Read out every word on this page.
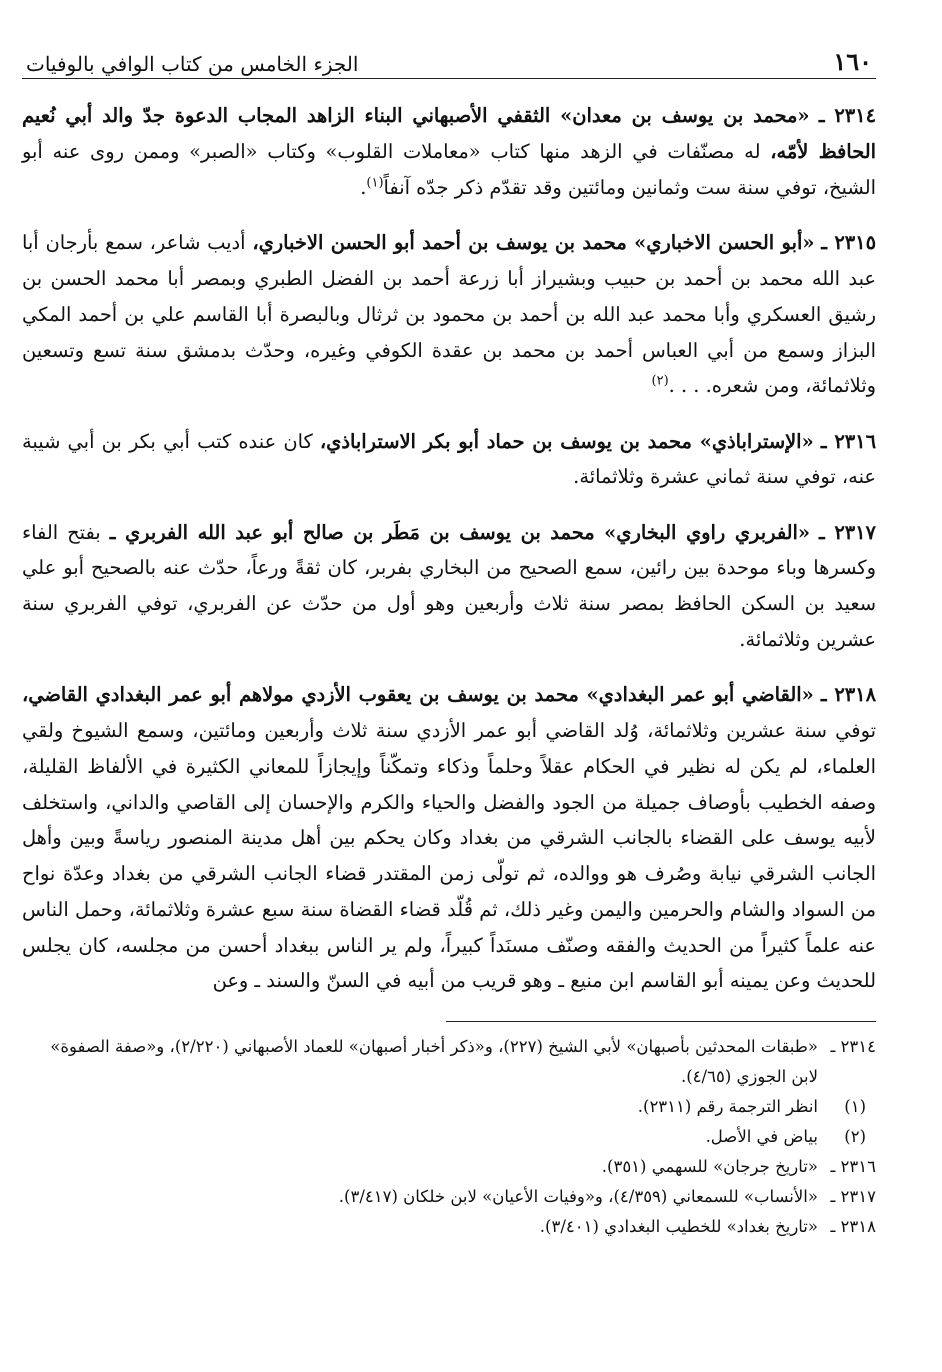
١٦٠
الجزء الخامس من كتاب الوافي بالوفيات

٢٣١٤ ـ «محمد بن يوسف بن معدان» الثقفي الأصبهاني البناء الزاهد المجاب الدعوة جدّ والد أبي نُعيم الحافظ لأمّه، له مصنّفات في الزهد منها كتاب «معاملات القلوب» وكتاب «الصبر» وممن روى عنه أبو الشيخ، توفي سنة ست وثمانين ومائتين وقد تقدّم ذكر جدّه آنفاً$^{(١)}$.

٢٣١٥ ـ «أبو الحسن الاخباري» محمد بن يوسف بن أحمد أبو الحسن الاخباري، أديب شاعر، سمع بأرجان أبا عبد الله محمد بن أحمد بن حبيب وبشيراز أبا زرعة أحمد بن الفضل الطبري وبمصر أبا محمد الحسن بن رشيق العسكري وأبا محمد عبد الله بن أحمد بن محمود بن ثرثال وبالبصرة أبا القاسم علي بن أحمد المكي البزاز وسمع من أبي العباس أحمد بن محمد بن عقدة الكوفي وغيره، وحدّث بدمشق سنة تسع وتسعين وثلاثمائة، ومن شعره. . . .$^{(٢)}$

٢٣١٦ ـ «الإستراباذي» محمد بن يوسف بن حماد أبو بكر الاستراباذي، كان عنده كتب أبي بكر بن أبي شيبة عنه، توفي سنة ثماني عشرة وثلاثمائة.

٢٣١٧ ـ «الفربري راوي البخاري» محمد بن يوسف بن مَطَر بن صالح أبو عبد الله الفربري ـ بفتح الفاء وكسرها وباء موحدة بين رائين، سمع الصحيح من البخاري بفربر، كان ثقةً ورعاً، حدّث عنه بالصحيح أبو علي سعيد بن السكن الحافظ بمصر سنة ثلاث وأربعين وهو أول من حدّث عن الفربري، توفي الفربري سنة عشرين وثلاثمائة.

٢٣١٨ ـ «القاضي أبو عمر البغدادي» محمد بن يوسف بن يعقوب الأزدي مولاهم أبو عمر البغدادي القاضي، توفي سنة عشرين وثلاثمائة، وُلد القاضي أبو عمر الأزدي سنة ثلاث وأربعين ومائتين، وسمع الشيوخ ولقي العلماء، لم يكن له نظير في الحكام عقلاً وحلماً وذكاء وتمكّناً وإيجازاً للمعاني الكثيرة في الألفاظ القليلة، وصفه الخطيب بأوصاف جميلة من الجود والفضل والحياء والكرم والإحسان إلى القاصي والداني، واستخلف لأبيه يوسف على القضاء بالجانب الشرقي من بغداد وكان يحكم بين أهل مدينة المنصور رياسةً وبين وأهل الجانب الشرقي نيابة وصُرف هو ووالده، ثم تولّى زمن المقتدر قضاء الجانب الشرقي من بغداد وعدّة نواح من السواد والشام والحرمين واليمن وغير ذلك، ثم قُلّد قضاء القضاة سنة سبع عشرة وثلاثمائة، وحمل الناس عنه علماً كثيراً من الحديث والفقه وصنّف مسنَداً كبيراً، ولم ير الناس ببغداد أحسن من مجلسه، كان يجلس للحديث وعن يمينه أبو القاسم ابن منيع ـ وهو قريب من أبيه في السنّ والسند ـ وعن

٢٣١٤ ـ
«طبقات المحدثين بأصبهان» لأبي الشيخ (٢٢٧)، و«ذكر أخبار أصبهان» للعماد الأصبهاني (٢/٢٢٠)، و«صفة الصفوة» لابن الجوزي (٤/٦٥).
(١)
انظر الترجمة رقم (٢٣١١).
(٢)
بياض في الأصل.
٢٣١٦ ـ
«تاريخ جرجان» للسهمي (٣٥١).
٢٣١٧ ـ
«الأنساب» للسمعاني (٤/٣٥٩)، و«وفيات الأعيان» لابن خلكان (٣/٤١٧).
٢٣١٨ ـ
«تاريخ بغداد» للخطيب البغدادي (٣/٤٠١).
